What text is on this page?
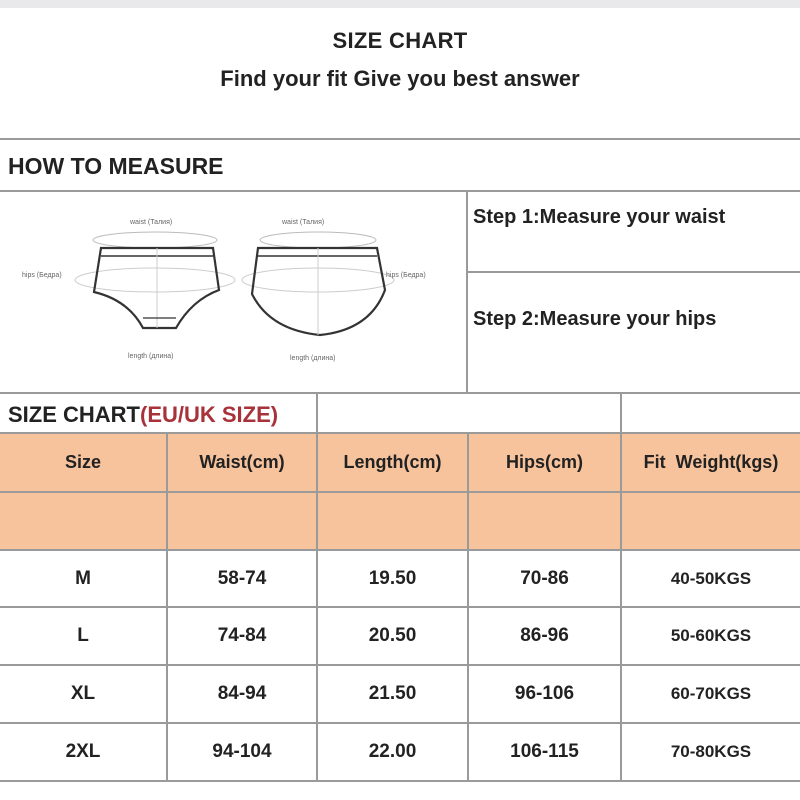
SIZE CHART
Find your fit Give you best answer
HOW TO MEASURE
Step 1:Measure your waist
Step 2:Measure your hips
waist (Талия)	waist (Талия)
hips (Бедра)	hips (Бедра)
length (длина)	length (длина)
SIZE CHART(EU/UK SIZE)
Size	Waist(cm)	Length(cm)	Hips(cm)	Fit  Weight(kgs)
M	58-74	19.50	70-86	40-50KGS
L	74-84	20.50	86-96	50-60KGS
XL	84-94	21.50	96-106	60-70KGS
2XL	94-104	22.00	106-115	70-80KGS
